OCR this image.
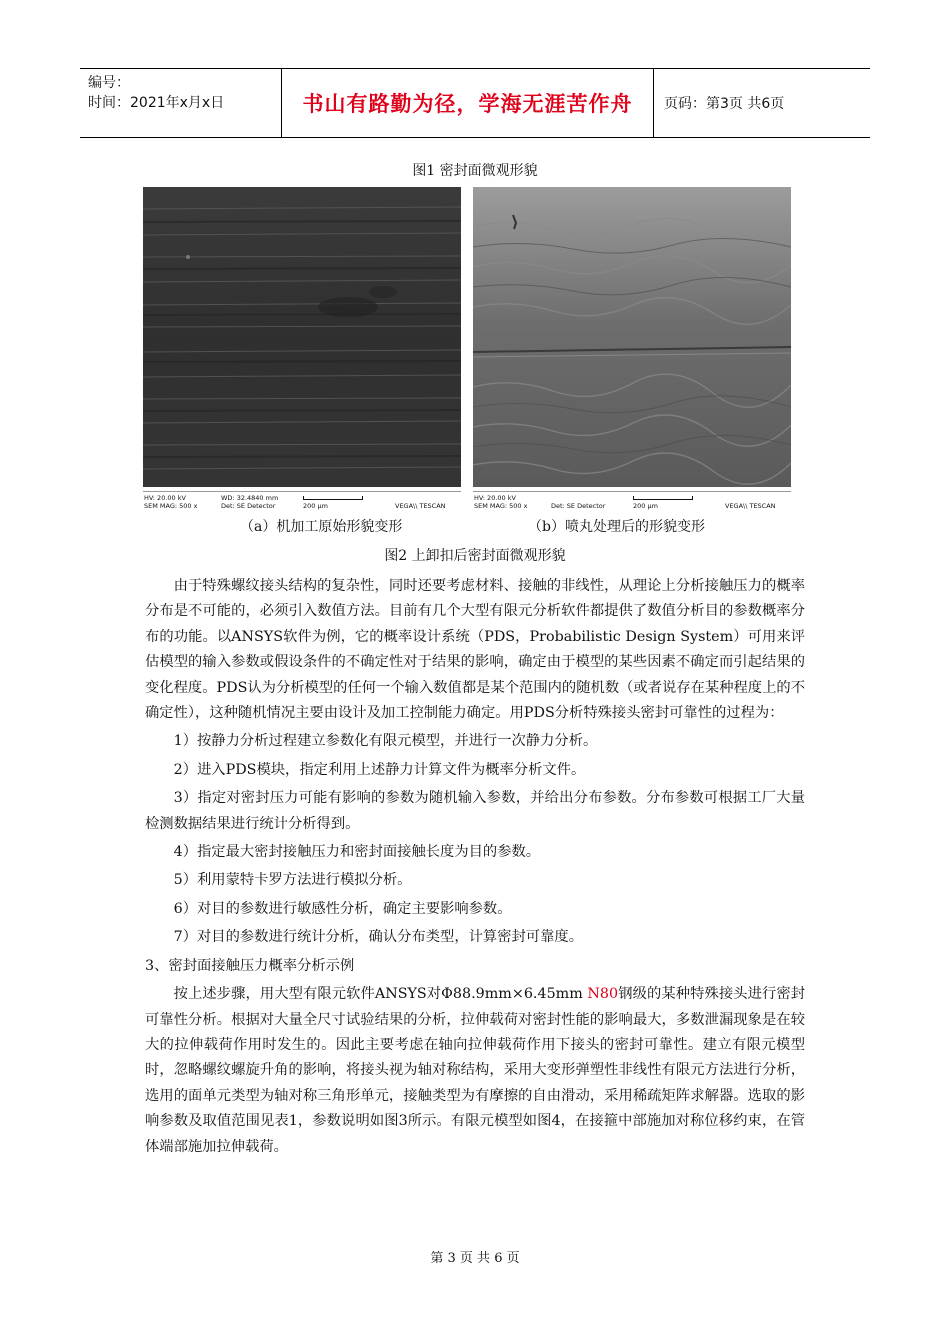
编号：
时间：2021年x月x日	书山有路勤为径，学海无涯苦作舟	页码：第3页 共6页
图1 密封面微观形貌
HV: 20.00 kV
SEM MAG: 500 x
WD: 32.4840 mm
Det: SE Detector	200 μm	VEGA\\ TESCAN
HV: 20.00 kV
SEM MAG: 500 x	Det: SE Detector	200 μm	VEGA\\ TESCAN
（a）机加工原始形貌变形	（b）喷丸处理后的形貌变形
图2 上卸扣后密封面微观形貌

由于特殊螺纹接头结构的复杂性，同时还要考虑材料、接触的非线性，从理论上分析接触压力的概率分布是不可能的，必须引入数值方法。目前有几个大型有限元分析软件都提供了数值分析目的参数概率分布的功能。以ANSYS软件为例，它的概率设计系统（PDS，Probabilistic Design System）可用来评估模型的输入参数或假设条件的不确定性对于结果的影响，确定由于模型的某些因素不确定而引起结果的变化程度。PDS认为分析模型的任何一个输入数值都是某个范围内的随机数（或者说存在某种程度上的不确定性），这种随机情况主要由设计及加工控制能力确定。用PDS分析特殊接头密封可靠性的过程为：

1）按静力分析过程建立参数化有限元模型，并进行一次静力分析。

2）进入PDS模块，指定利用上述静力计算文件为概率分析文件。

3）指定对密封压力可能有影响的参数为随机输入参数，并给出分布参数。分布参数可根据工厂大量检测数据结果进行统计分析得到。

4）指定最大密封接触压力和密封面接触长度为目的参数。

5）利用蒙特卡罗方法进行模拟分析。

6）对目的参数进行敏感性分析，确定主要影响参数。

7）对目的参数进行统计分析，确认分布类型，计算密封可靠度。

3、密封面接触压力概率分析示例

按上述步骤，用大型有限元软件ANSYS对Φ88.9mm×6.45mm N80钢级的某种特殊接头进行密封可靠性分析。根据对大量全尺寸试验结果的分析，拉伸载荷对密封性能的影响最大，多数泄漏现象是在较大的拉伸载荷作用时发生的。因此主要考虑在轴向拉伸载荷作用下接头的密封可靠性。建立有限元模型时，忽略螺纹螺旋升角的影响，将接头视为轴对称结构，采用大变形弹塑性非线性有限元方法进行分析，选用的面单元类型为轴对称三角形单元，接触类型为有摩擦的自由滑动，采用稀疏矩阵求解器。选取的影响参数及取值范围见表1，参数说明如图3所示。有限元模型如图4，在接箍中部施加对称位移约束，在管体端部施加拉伸载荷。

第 3 页 共 6 页
